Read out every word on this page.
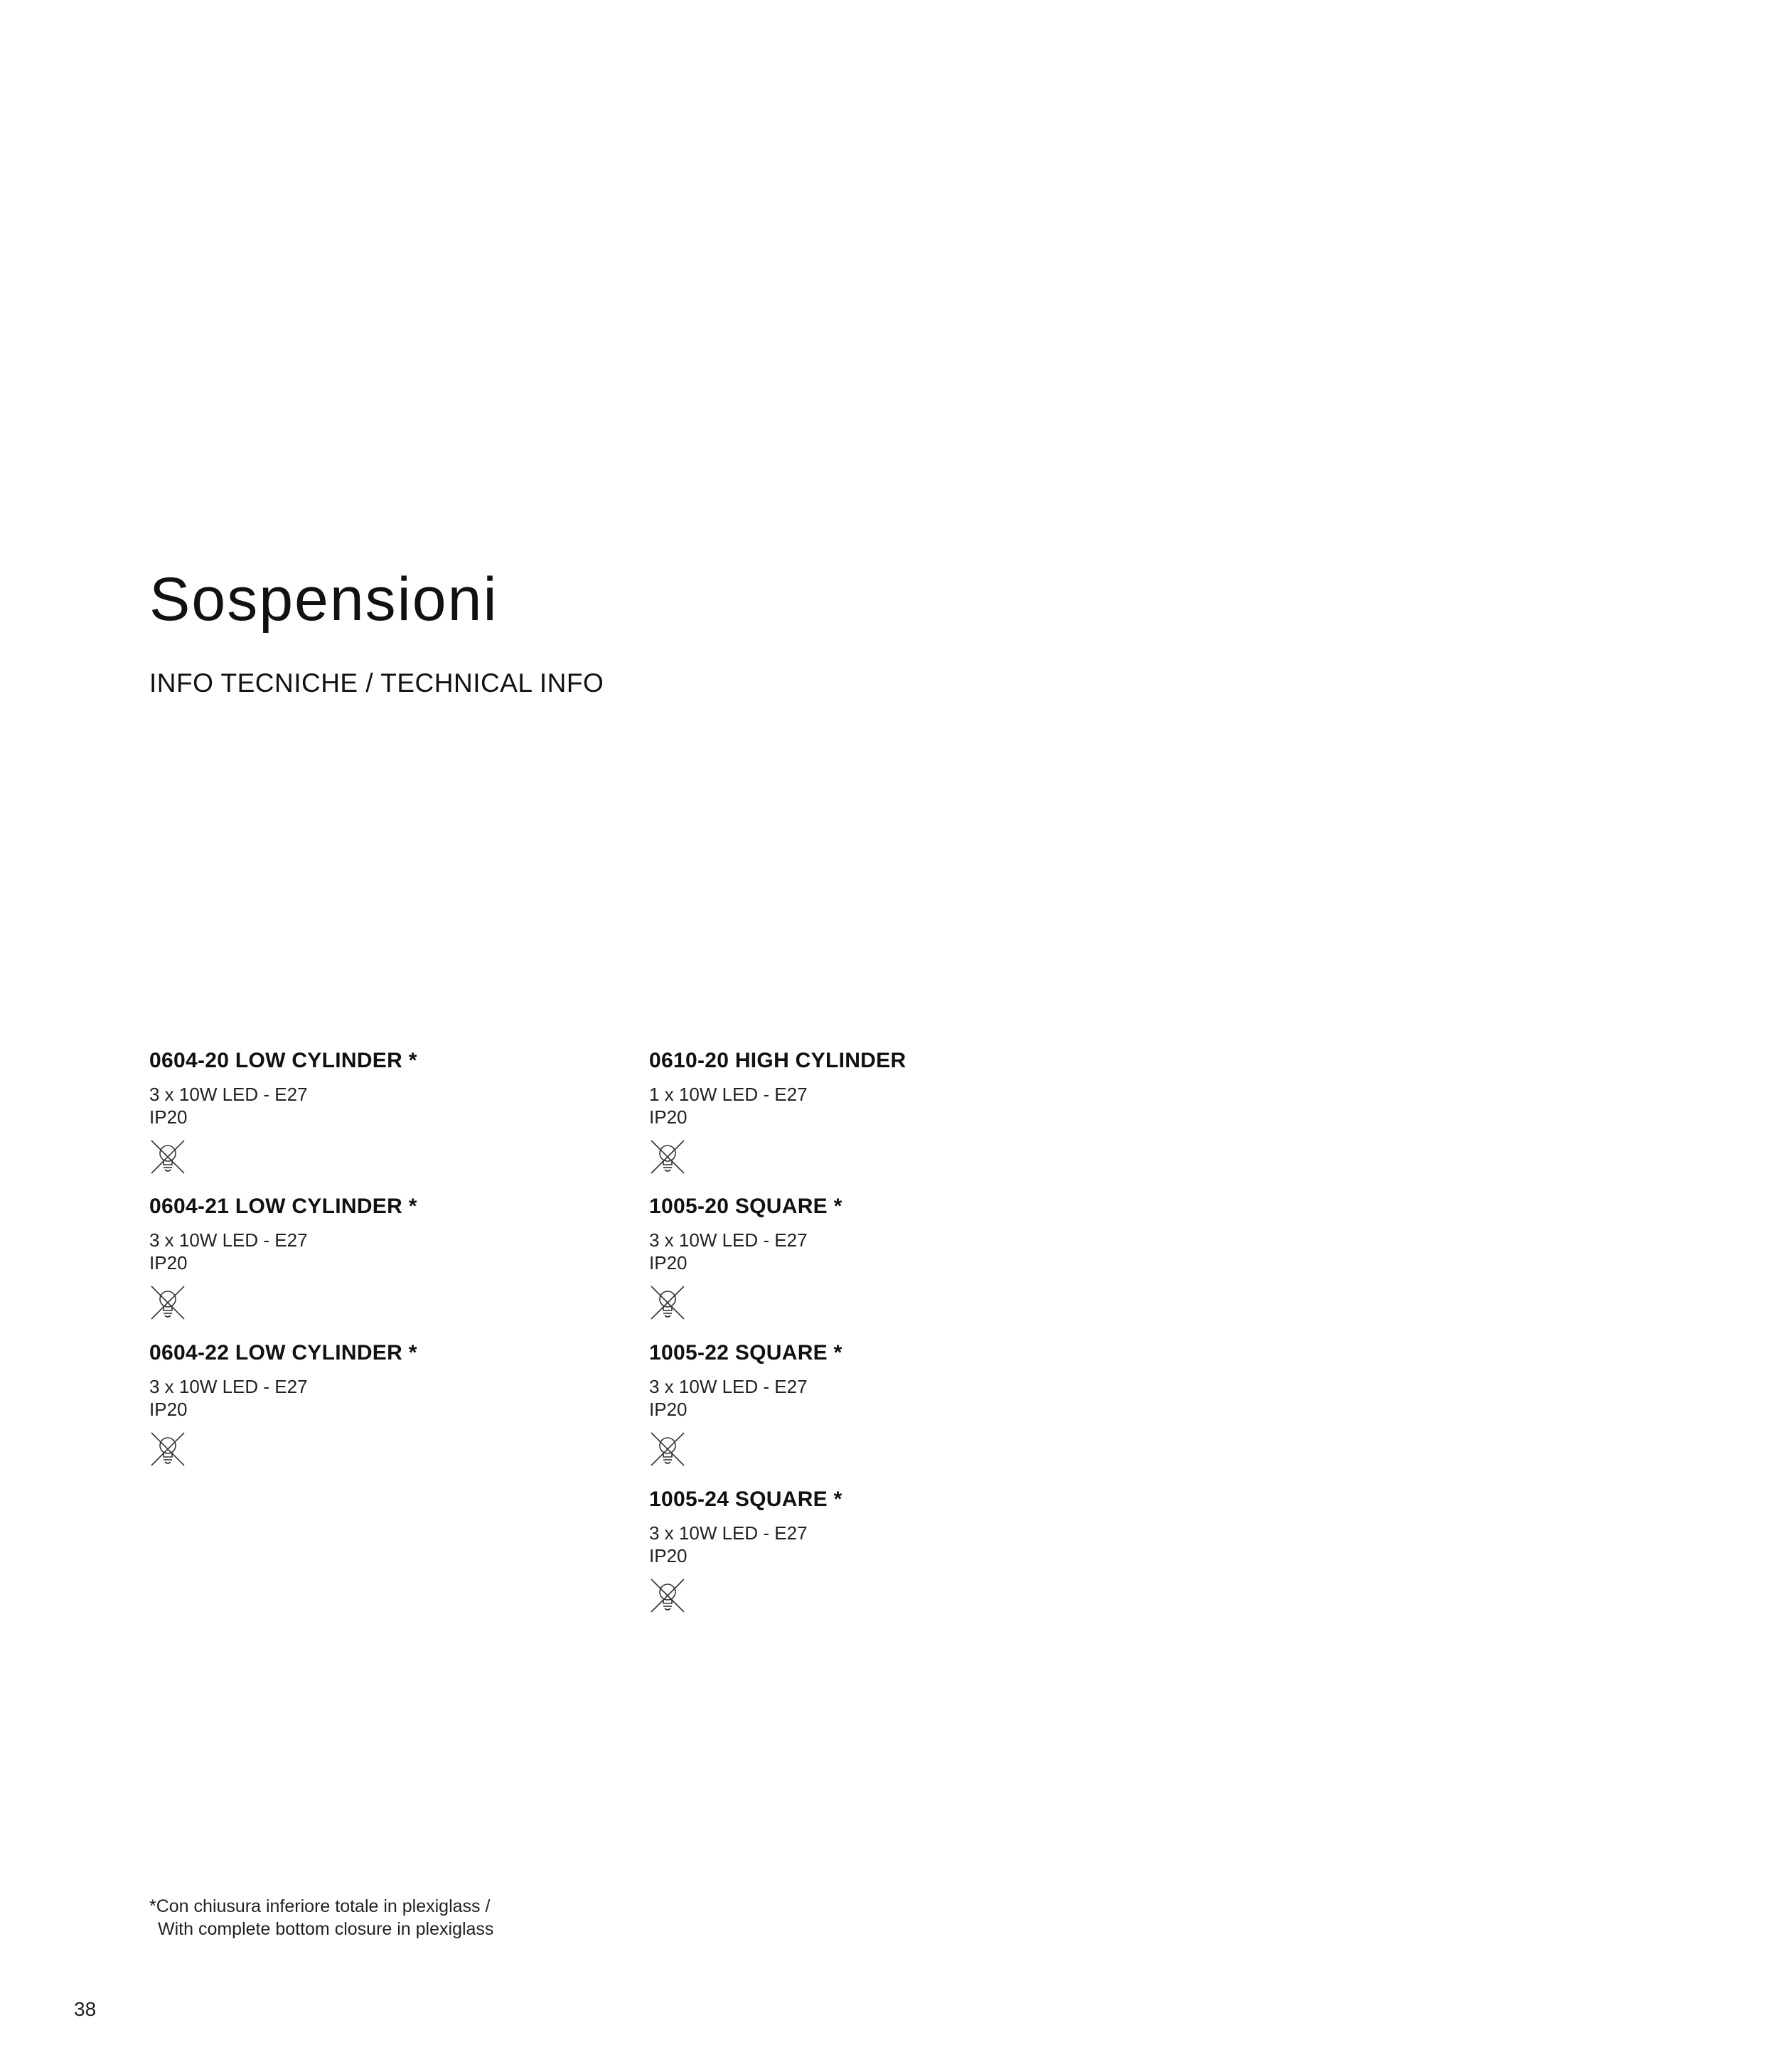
Sospensioni
INFO TECNICHE / TECHNICAL INFO

0604-20 LOW CYLINDER *

3 x 10W LED - E27

IP20

0604-21 LOW CYLINDER *

3 x 10W LED - E27

IP20

0604-22 LOW CYLINDER *

3 x 10W LED - E27

IP20

0610-20 HIGH CYLINDER

1 x 10W LED - E27

IP20

1005-20 SQUARE *

3 x 10W LED - E27

IP20

1005-22 SQUARE *

3 x 10W LED - E27

IP20

1005-24 SQUARE *

3 x 10W LED - E27

IP20

*Con chiusura inferiore totale in plexiglass /
With complete bottom closure in plexiglass
38
